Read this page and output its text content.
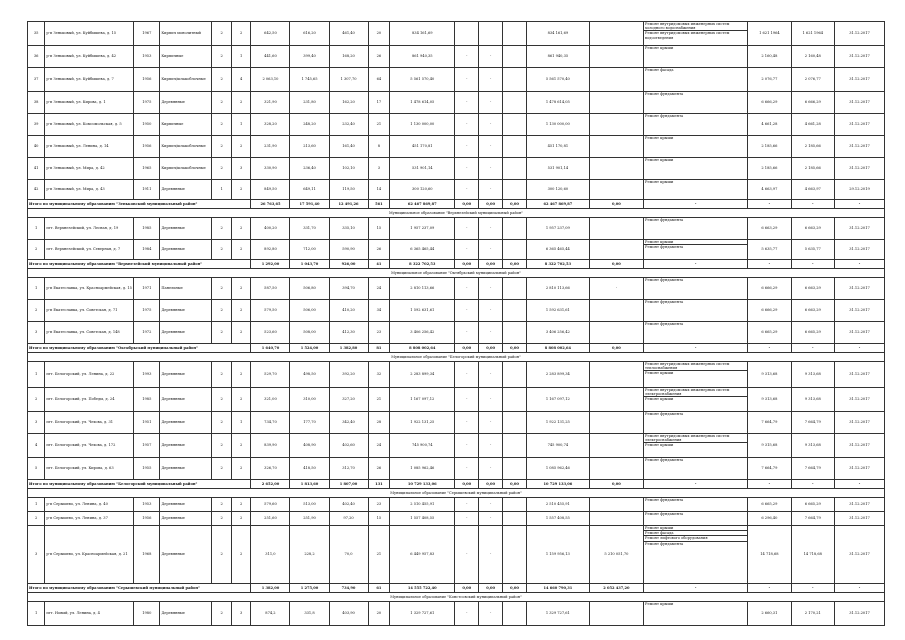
35	р-п Зеньковый, ул. Куйбышева, д. 15	1967	Кирпич монолитный	2	2	642,50	616,20	461,40	20	834 161,69				834 161,69		Ремонт внутридомовых инженерных систем холодного водоснабжения
Ремонт внутридомовых инженерных систем водоотведения	1 621 1964	1 621 1964	31.12.2017
36	р-п Зеньковый, ул. Куйбышева, д. 42	1953	Кирпичные	2	1	441,60	399,40	168,20	26	861 940,35	-	-		861 940,35		Ремонт крыши	2 160,48	2 160,48	31.12.2017
37	р-п Зеньковый, ул. Куйбышева, д. 7	1956	Кирпич/шлакоблочные	2	4	2 063,10	1 745,65	1 307,70	64	5 561 570,40	-	-		5 561 570,40		Ремонт фасада	2 076,77	2 076,77	31.12.2017
38	р-п Зеньковый, ул. Кирова, д. 1	1975	Деревянные	2	2	321,90	231,80	162,20	17	1 478 614,05	-	-		1 478 614,05		Ремонт фундамента	6 666,29	6 666,29	31.12.2017
39	р-п Зеньковый, ул. Комсомольская, д. 5	1950	Кирпичные	2	1	328,20	248,20	232,40	21	1 130 000,00	-	-		1 130 000,00		Ремонт фундамента	4 661,28	4 661,28	31.12.2017
40	р-п Зеньковый, ул. Ленина, д. 14	1956	Кирпич/шлакоблочные	2	2	231,90	213,60	161,40	8	451 170,81	-	-		451 170,81		Ремонт крыши	2 185,66	2 185,66	31.12.2017
41	р-п Зеньковый, ул. Мира, д. 42	1965	Кирпич/шлакоблочные	2	3	330,90	236,40	102,10	3	531 901,14	-	-		531 901,14		Ремонт крыши	2 185,66	2 185,66	31.12.2017
42	р-п Зеньковый, ул. Мира, д. 43	1911	Деревянные	1	2	849,50	649,11	119,50	14	300 120,60	-	-		300 120,60		Ремонт крыши	4 663,97	4 663,97	29.12.2019
Итого по муниципальному образованию "Зеньковский муниципальный район"						26 763,65	17 591,40	12 491,26	561	62 467 869,87	0,00	0,00	0,00	62 467 869,87	0,00	-	-	-	-
Муниципальное образование "Верхнезейский муниципальный район"																			
1	пгт. Верхнезейский, ул. Лесная, д. 19	1985	Деревянные	2	2	400,20	331,70	335,10	15	1 957 237,09	-	-		1 957 237,09		Ремонт фундамента	6 663,29	6 663,29	31.12.2017
2	пгт. Верхнезейский, ул. Северная, д. 7	1984	Деревянные	2	2	892,80	712,00	590,90	26	6 365 465,44	-	-		6 365 465,44		Ремонт крыши
Ремонт фундамента	5 635,77	5 635,77	31.12.2017
Итого по муниципальному образованию "Верхнезейский муниципальный район"						1 292,00	1 043,70	926,00	41	8 322 702,53	0,00	0,00	0,00	8 322 702,53	0,00	-	-	-	-
Муниципальное образование "Октябрьский муниципальный район"																			
1	р-п Екатеславка, ул. Красноармейская, д. 15	1971	Панельные	2	2	587,50	506,80	394,70	24	2 810 113,66	-	-		2 810 113,66	-	Ремонт фундамента	6 666,29	6 663,29	31.12.2017
2	р-п Екатеславка, ул. Советская, д. 71	1975	Деревянные	2	2	579,50	506,00	410,20	34	1 592 631,61	-	-		1 592 631,61		Ремонт фундамента	6 666,29	6 663,29	31.12.2017
3	р-п Екатеславка, ул. Советская, д. 148	1972	Деревянные	2	2	523,60	508,00	412,30	23	3 406 256,42	-	-		3 406 256,42		Ремонт фундамента	6 665,29	6 665,29	31.12.2017
Итого по муниципальному образованию "Октябрьский муниципальный район"						1 640,70	1 524,00	1 382,80	81	8 808 002,64	0,00	0,00	0,00	8 808 002,64	0,00	-	-	-	-
Муниципальное образование "Белогорский муниципальный район"																			
1	пгт. Белогорский, ул. Ленина, д. 22	1993	Деревянные	2	2	529,70	498,50	392,20	32	2 283 899,34	-	-		2 283 899,34		Ремонт внутридомовых инженерных систем теплоснабжения
Ремонт крыши	9 313,68	9 313,68	31.12.2017
2	пгт. Белогорский, ул. Победы, д. 24	1985	Деревянные	2	2	321,00	310,00	327,20	21	1 167 097,12	-	-		1 167 097,12		Ремонт внутридомовых инженерных систем электроснабжения
Ремонт крыши	9 313,68	9 313,68	31.12.2017
3	пгт. Белогорский, ул. Чехова, д. 31	1951	Деревянные	2	1	734,70	177,70	342,40	28	1 922 131,25	-	-		1 922 131,25		Ремонт фундамента	7 664,79	7 664,79	31.12.2017
4	пгт. Белогорский, ул. Чехова, д. 172	1957	Деревянные	2	2	839,90	408,90	402,60	24	745 900,74	-	-		745 900,74		Ремонт внутридомовых инженерных систем электроснабжения
Ремонт крыши	9 315,68	9 313,68	31.12.2017
5	пгт. Белогорский, ул. Кирова, д. 63	1955	Деревянные	2	2	326,70	418,50	312,70	26	1 085 962,46	-	-		1 085 962,46		Ремонт фундамента	7 664,79	7 664,79	31.12.2017
Итого по муниципальному образованию "Белогорский муниципальный район"						2 652,00	1 813,60	1 807,00	131	10 729 133,06	0,00	0,00	0,00	10 729 133,06	0,00	-	-	-	-
Муниципальное образование "Серышевский муниципальный район"																			
1	р-п Серышево, ул. Ленина, д. 40	1953	Деревянные	2	2	579,60	513,00	402,40	23	2 510 455,91	-	-		2 510 455,91		Ремонт фундамента	6 665,29	6 665,29	31.12.2017
2	р-п Серышево, ул. Ленина, д. 37	1956	Деревянные	2	2	251,60	251,90	97,20	15	1 557 408,55	-	-		1 557 408,55		Ремонт фундамента	6 296,40	7 664,79	31.12.2017
3	р-п Серышево, ул. Красноармейская, д. 21	1968	Деревянные	2	2	311,0	228,2	70,0	21	6 449 957,83	-	-		1 159 956,13	5 210 051,70	Ремонт крыши
Ремонт фасада
Ремонт лифтового оборудования
Ремонт фундамента	14 718,68	14 718,68	31.12.2017
Итого по муниципальному образованию "Серышевский муниципальный район"						1 382,00	1 275,00	734,90	61	14 555 722,40	0,00	0,00	0,00	14 660 790,31	2 052 437,20	-	-	-	-
Муниципальное образование "Констсовский муниципальный район"																			
1	пгт. Новый, ул. Ленина, д. 4	1980	Деревянные	2	3	874,2	331,8	403,90	20	1 329 727,61	-	-		1 329 727,61		Ремонт крыши	2 660,31	2 170,21	31.12.2017
